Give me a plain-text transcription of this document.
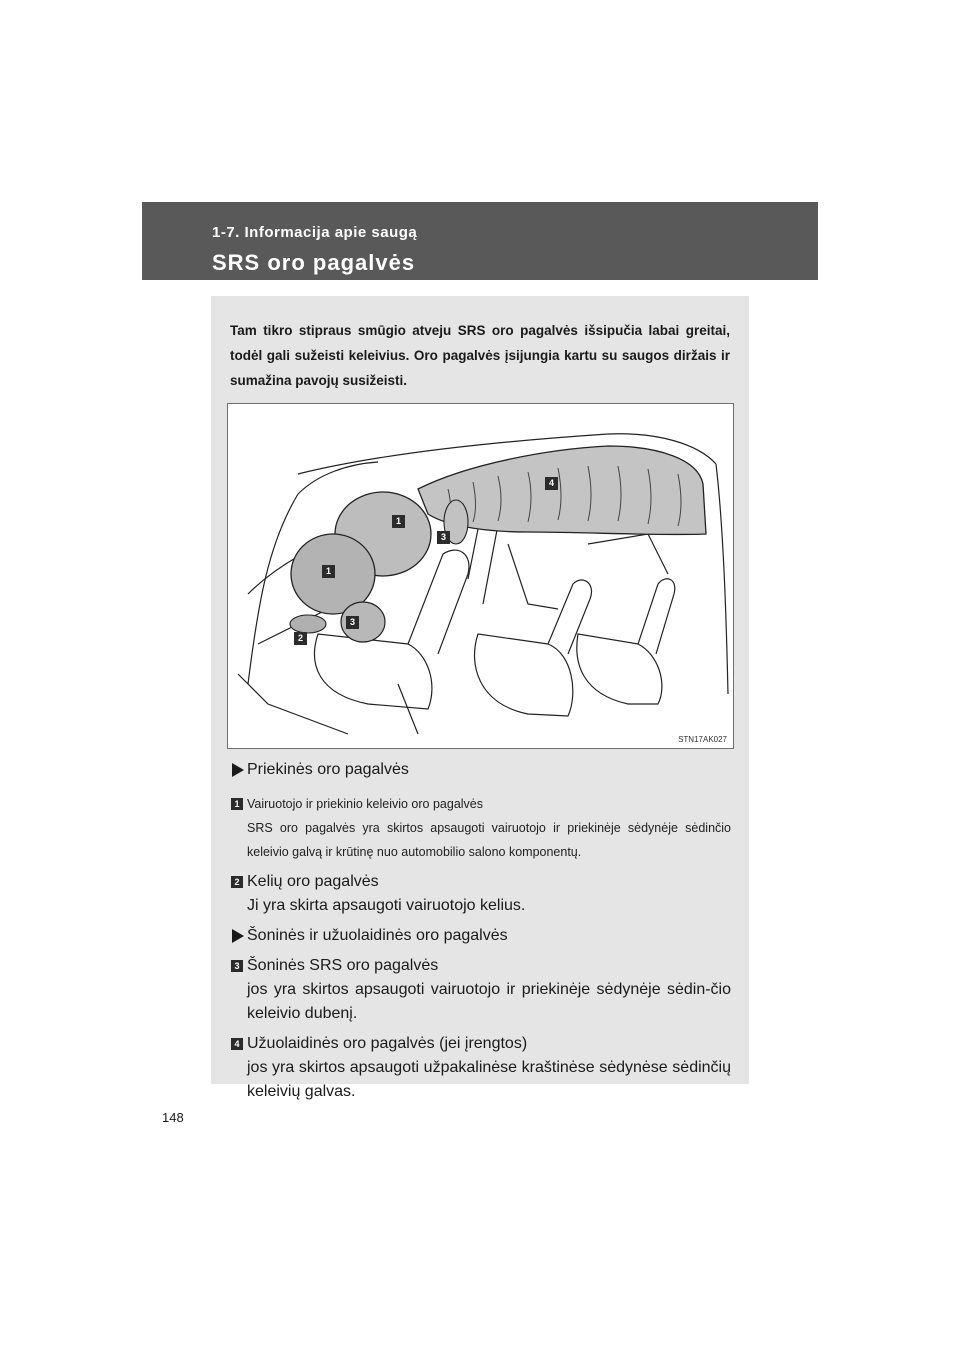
1-7. Informacija apie saugą
SRS oro pagalvės
Tam tikro stipraus smūgio atveju SRS oro pagalvės išsipučia labai greitai, todėl gali sužeisti keleivius. Oro pagalvės įsijungia kartu su saugos diržais ir sumažina pavojų susižeisti.
1
1
2
3
3
4
STN17AK027
Priekinės oro pagalvės
1 Vairuotojo ir priekinio keleivio oro pagalvės
SRS oro pagalvės yra skirtos apsaugoti vairuotojo ir priekinėje sėdynėje sėdinčio keleivio galvą ir krūtinę nuo automobilio salono komponentų.
2 Kelių oro pagalvės
Ji yra skirta apsaugoti vairuotojo kelius.
Šoninės ir užuolaidinės oro pagalvės
3 Šoninės SRS oro pagalvės
jos yra skirtos apsaugoti vairuotojo ir priekinėje sėdynėje sėdin-čio keleivio dubenį.
4 Užuolaidinės oro pagalvės (jei įrengtos)
jos yra skirtos apsaugoti užpakalinėse kraštinėse sėdynėse sėdinčių keleivių galvas.
148
